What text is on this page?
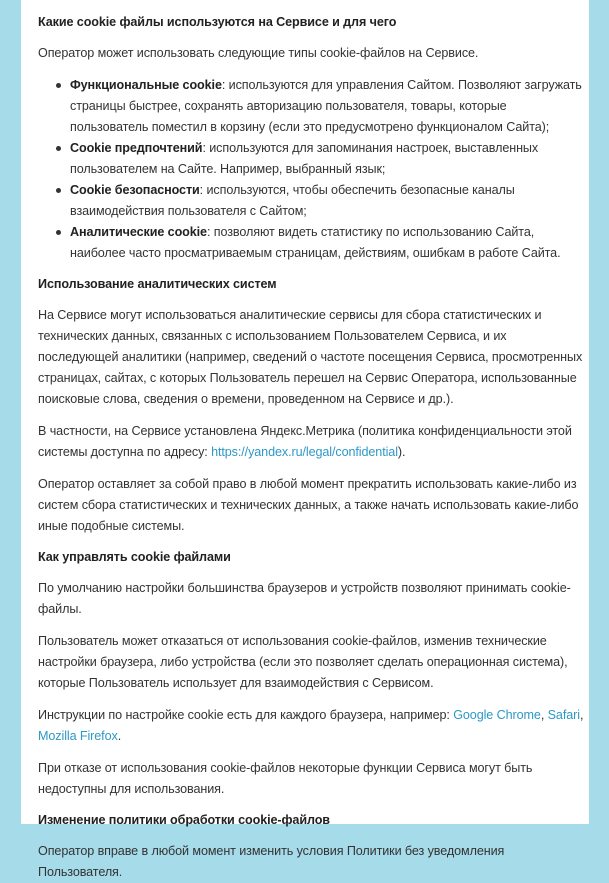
Какие cookie файлы используются на Сервисе и для чего

Оператор может использовать следующие типы cookie-файлов на Сервисе.

Функциональные cookie: используются для управления Сайтом. Позволяют загружать страницы быстрее, сохранять авторизацию пользователя, товары, которые пользователь поместил в корзину (если это предусмотрено функционалом Сайта);
Cookie предпочтений: используются для запоминания настроек, выставленных пользователем на Сайте. Например, выбранный язык;
Cookie безопасности: используются, чтобы обеспечить безопасные каналы взаимодействия пользователя с Сайтом;
Аналитические cookie: позволяют видеть статистику по использованию Сайта, наиболее часто просматриваемым страницам, действиям, ошибкам в работе Сайта.
Использование аналитических систем

На Сервисе могут использоваться аналитические сервисы для сбора статистических и технических данных, связанных с использованием Пользователем Сервиса, и их последующей аналитики (например, сведений о частоте посещения Сервиса, просмотренных страницах, сайтах, с которых Пользователь перешел на Сервис Оператора, использованные поисковые слова, сведения о времени, проведенном на Сервисе и др.).

В частности, на Сервисе установлена Яндекс.Метрика (политика конфиденциальности этой системы доступна по адресу: https://yandex.ru/legal/confidential).

Оператор оставляет за собой право в любой момент прекратить использовать какие-либо из систем сбора статистических и технических данных, а также начать использовать какие-либо иные подобные системы.

Как управлять cookie файлами

По умолчанию настройки большинства браузеров и устройств позволяют принимать cookie-файлы.

Пользователь может отказаться от использования cookie-файлов, изменив технические настройки браузера, либо устройства (если это позволяет сделать операционная система), которые Пользователь использует для взаимодействия с Сервисом.

Инструкции по настройке cookie есть для каждого браузера, например: Google Chrome, Safari, Mozilla Firefox.

При отказе от использования cookie-файлов некоторые функции Сервиса могут быть недоступны для использования.

Изменение политики обработки cookie-файлов

Оператор вправе в любой момент изменить условия Политики без уведомления Пользователя.
